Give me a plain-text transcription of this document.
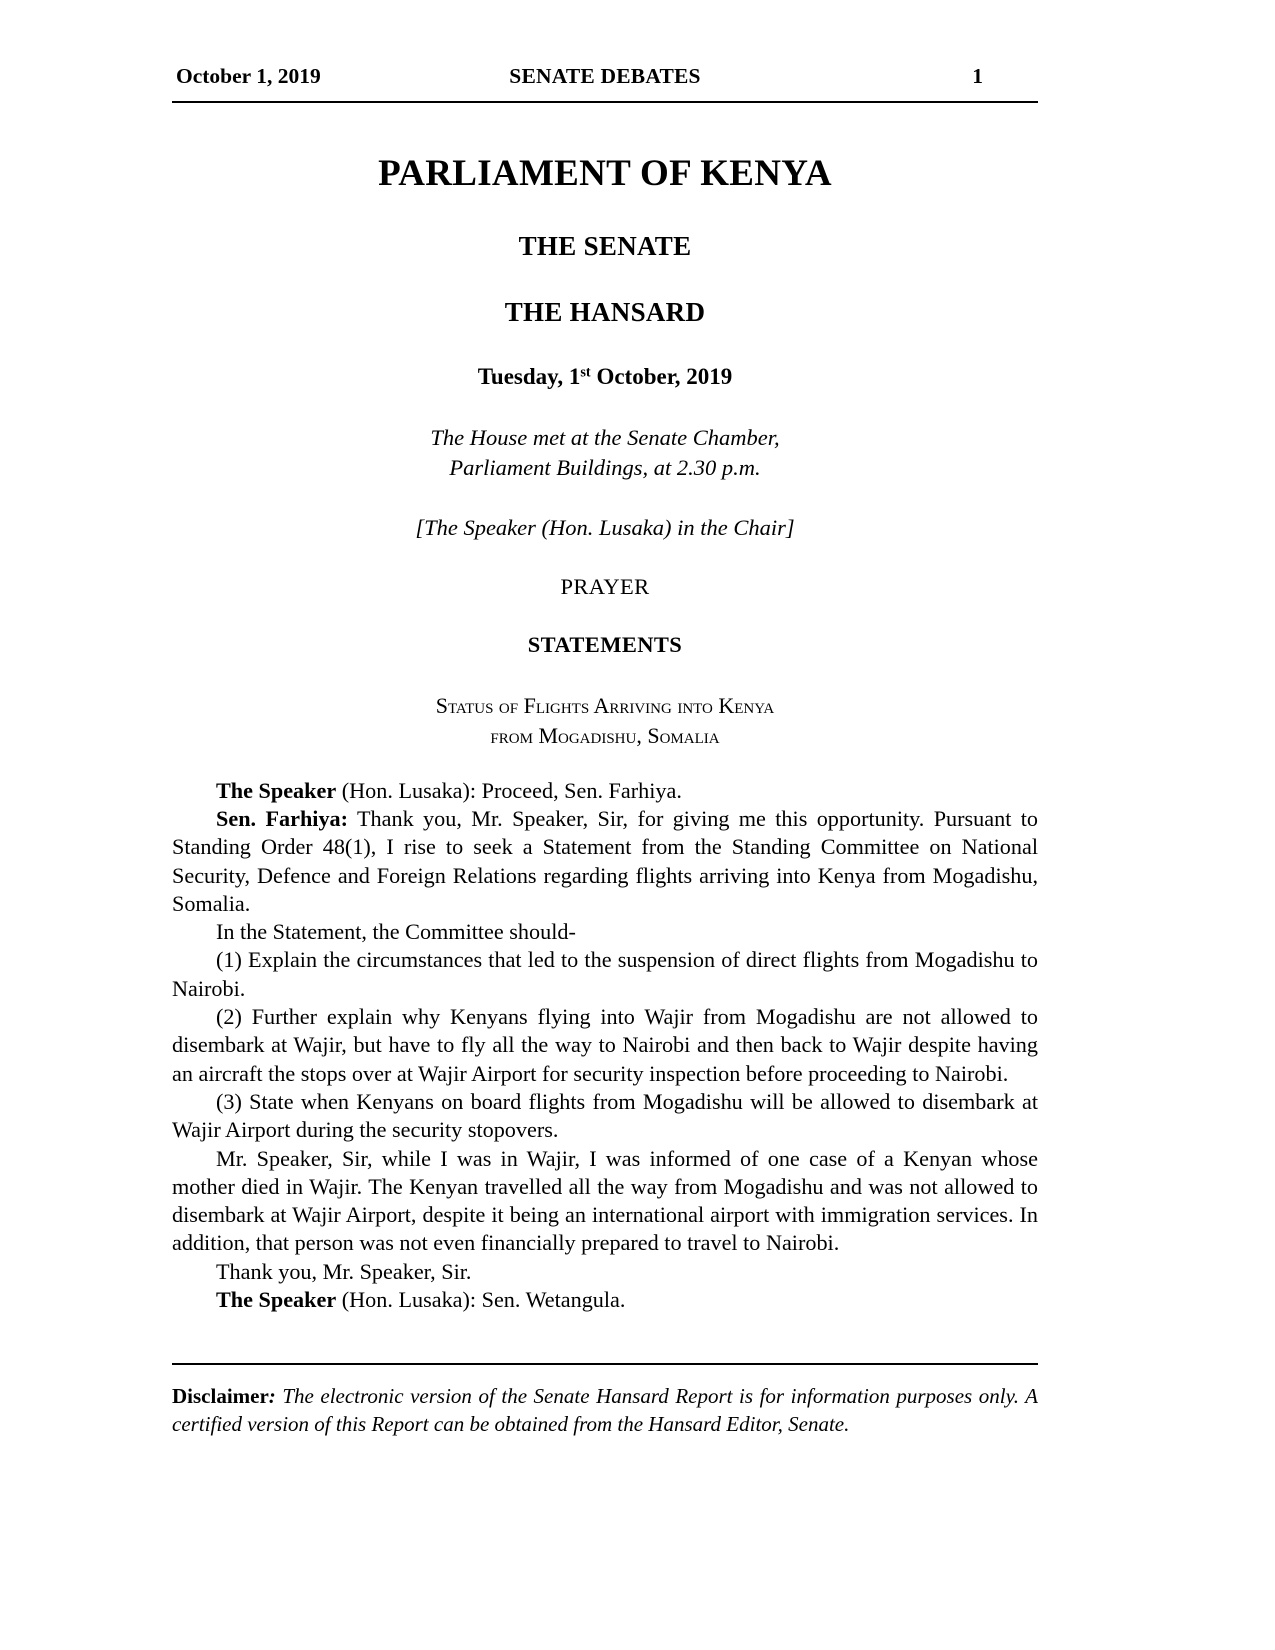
October 1, 2019	SENATE DEBATES	1
PARLIAMENT OF KENYA
THE SENATE
THE HANSARD
Tuesday, 1st October, 2019
The House met at the Senate Chamber,
Parliament Buildings, at 2.30 p.m.
[The Speaker (Hon. Lusaka) in the Chair]
PRAYER
STATEMENTS
Status of Flights Arriving into Kenya
from Mogadishu, Somalia

The Speaker (Hon. Lusaka): Proceed, Sen. Farhiya.

Sen. Farhiya: Thank you, Mr. Speaker, Sir, for giving me this opportunity. Pursuant to Standing Order 48(1), I rise to seek a Statement from the Standing Committee on National Security, Defence and Foreign Relations regarding flights arriving into Kenya from Mogadishu, Somalia.

In the Statement, the Committee should-

(1) Explain the circumstances that led to the suspension of direct flights from Mogadishu to Nairobi.

(2) Further explain why Kenyans flying into Wajir from Mogadishu are not allowed to disembark at Wajir, but have to fly all the way to Nairobi and then back to Wajir despite having an aircraft the stops over at Wajir Airport for security inspection before proceeding to Nairobi.

(3) State when Kenyans on board flights from Mogadishu will be allowed to disembark at Wajir Airport during the security stopovers.

Mr. Speaker, Sir, while I was in Wajir, I was informed of one case of a Kenyan whose mother died in Wajir. The Kenyan travelled all the way from Mogadishu and was not allowed to disembark at Wajir Airport, despite it being an international airport with immigration services. In addition, that person was not even financially prepared to travel to Nairobi.

Thank you, Mr. Speaker, Sir.

The Speaker (Hon. Lusaka): Sen. Wetangula.

Disclaimer: The electronic version of the Senate Hansard Report is for information purposes only. A certified version of this Report can be obtained from the Hansard Editor, Senate.
